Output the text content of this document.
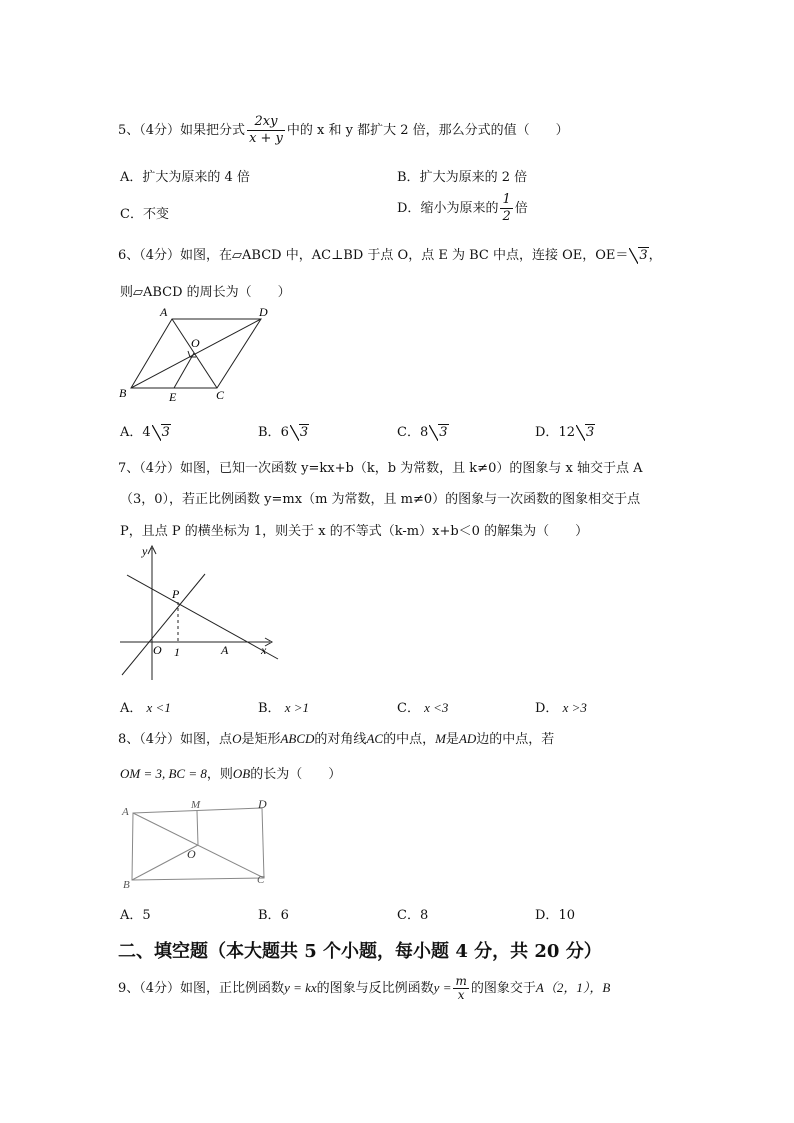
5、（4分）如果把分式 $\frac{2xy}{x + y}$ 中的 x 和 y 都扩大 2 倍，那么分式的值（　　）
A．扩大为原来的 4 倍	B．扩大为原来的 2 倍
C．不变	D．缩小为原来的 $\frac{1}{2}$ 倍
6、（4分）如图，在▱ABCD 中，AC⊥BD 于点 O，点 E 为 BC 中点，连接 OE，OE＝ 3，
则▱ABCD 的周长为（　　）
A	D
O
B	E	C
A．4 3	B．6 3	C．8 3	D．12 3
7、（4分）如图，已知一次函数 y=kx+b（k，b 为常数，且 k≠0）的图象与 x 轴交于点 A
（3，0），若正比例函数 y=mx（m 为常数，且 m≠0）的图象与一次函数的图象相交于点
P，且点 P 的横坐标为 1，则关于 x 的不等式（k-m）x+b＜0 的解集为（　　）
y
x
P
O 1	A
A． x <1	B． x >1	C． x <3	D． x >3
8、（4分）如图，点O是矩形ABCD的对角线AC的中点，M是AD边的中点，若
OM = 3, BC = 8，则OB的长为（　　）
A
M	D
O
B	C
A．5	B．6	C．8	D．10
二、填空题（本大题共 5 个小题，每小题 4 分，共 20 分）
9、（4分）如图，正比例函数y = kx的图象与反比例函数$y = \frac{m}{x}$ 的图象交于A（2，1），B
